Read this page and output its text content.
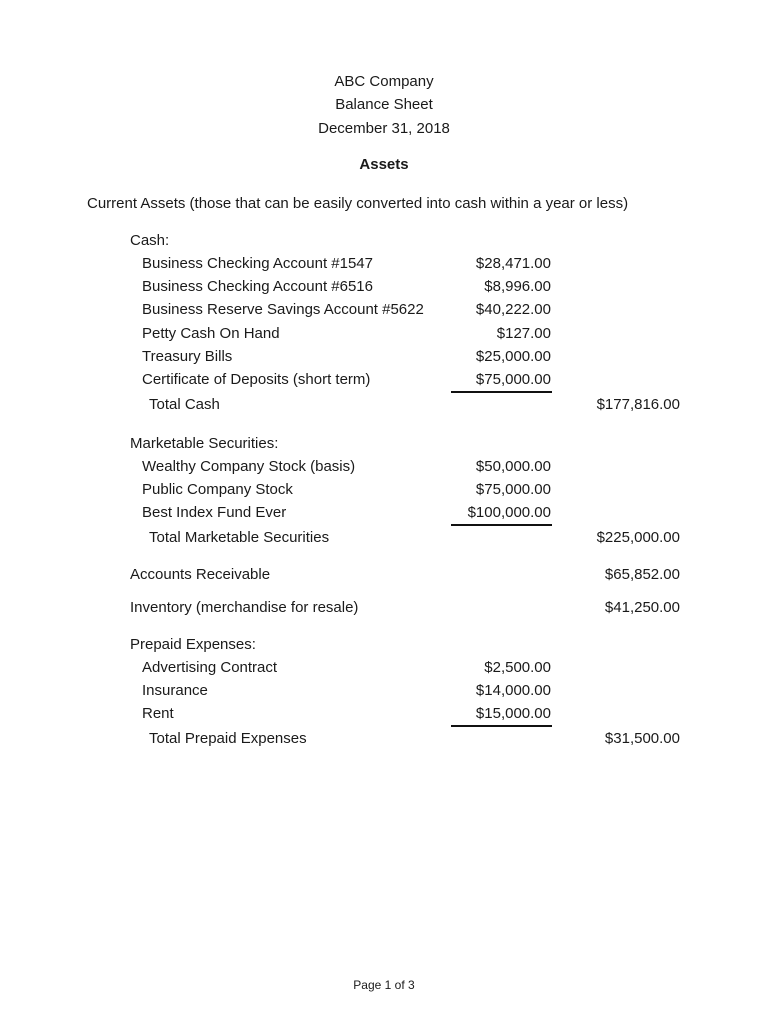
ABC Company
Balance Sheet
December 31, 2018
Assets
Current Assets (those that can be easily converted into cash within a year or less)
Cash:
Business Checking Account #1547	$28,471.00
Business Checking Account #6516	$8,996.00
Business Reserve Savings Account #5622	$40,222.00
Petty Cash On Hand	$127.00
Treasury Bills	$25,000.00
Certificate of Deposits (short term)	$75,000.00
Total Cash	$177,816.00
Marketable Securities:
Wealthy Company Stock (basis)	$50,000.00
Public Company Stock	$75,000.00
Best Index Fund Ever	$100,000.00
Total Marketable Securities	$225,000.00
Accounts Receivable	$65,852.00
Inventory (merchandise for resale)	$41,250.00
Prepaid Expenses:
Advertising Contract	$2,500.00
Insurance	$14,000.00
Rent	$15,000.00
Total Prepaid Expenses	$31,500.00
Page 1 of 3
